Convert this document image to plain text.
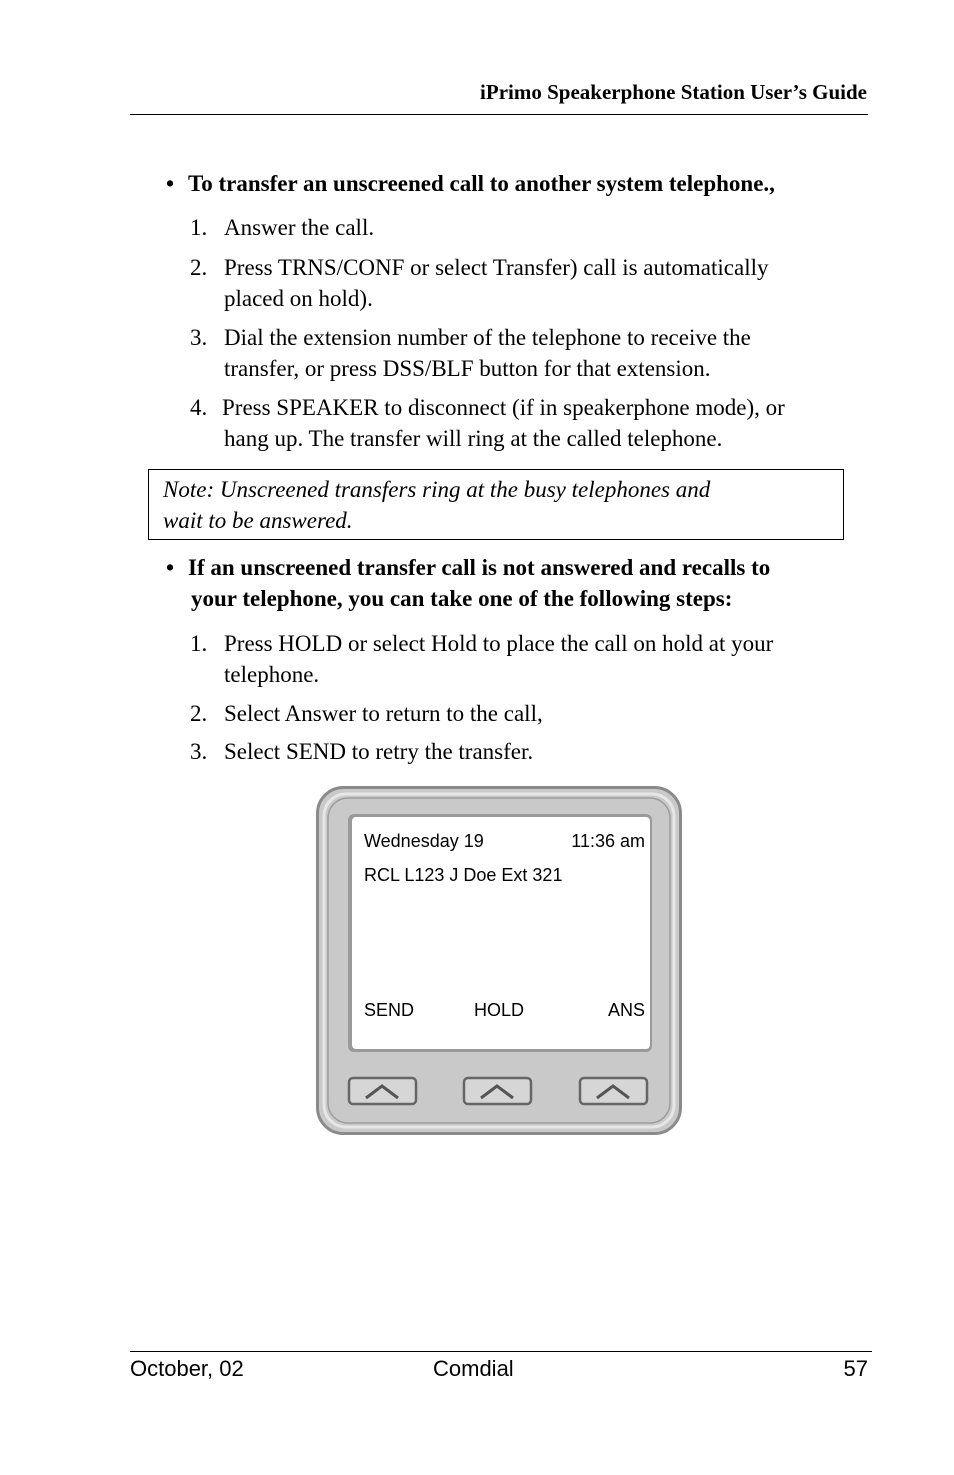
iPrimo Speakerphone Station User’s Guide
• To transfer an unscreened call to another system telephone.,
1. Answer the call.
2. Press TRNS/CONF or select Transfer) call is automatically
placed on hold).
3. Dial the extension number of the telephone to receive the
transfer, or press DSS/BLF button for that extension.
4. Press SPEAKER to disconnect (if in speakerphone mode), or
hang up. The transfer will ring at the called telephone.
Note: Unscreened transfers ring at the busy telephones and
wait to be answered.
• If an unscreened transfer call is not answered and recalls to
your telephone, you can take one of the following steps:
1. Press HOLD or select Hold to place the call on hold at your
telephone.
2. Select Answer to return to the call,
3. Select SEND to retry the transfer.
Wednesday 19	11:36 am
RCL L123 J Doe Ext 321
SEND	HOLD	ANS
October, 02	Comdial	57
